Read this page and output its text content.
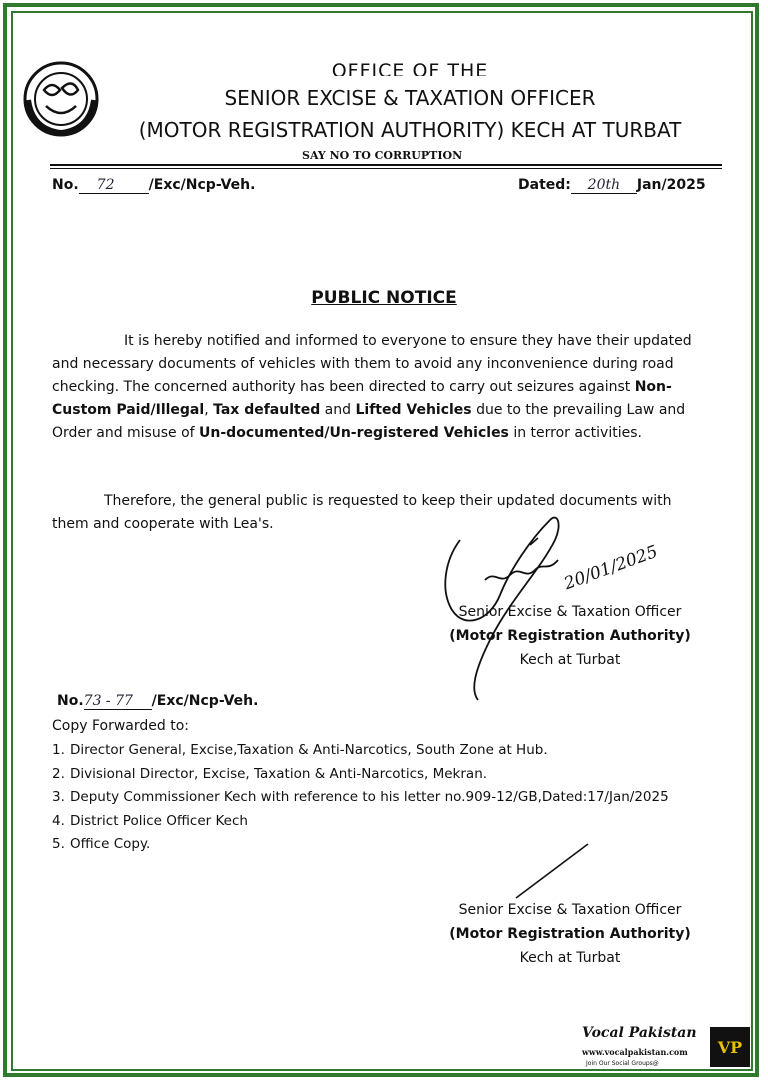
OFFICE OF THE
SENIOR EXCISE & TAXATION OFFICER
(MOTOR REGISTRATION AUTHORITY) KECH AT TURBAT
SAY NO TO CORRUPTION
No. 72 /Exc/Ncp-Veh.	Dated: 20th Jan/2025
PUBLIC NOTICE
It is hereby notified and informed to everyone to ensure they have their updated and necessary documents of vehicles with them to avoid any inconvenience during road checking. The concerned authority has been directed to carry out seizures against Non-Custom Paid/Illegal, Tax defaulted and Lifted Vehicles due to the prevailing Law and Order and misuse of Un-documented/Un-registered Vehicles in terror activities.
Therefore, the general public is requested to keep their updated documents with them and cooperate with Lea's.
20/01/2025
Senior Excise & Taxation Officer
(Motor Registration Authority)
Kech at Turbat
No.73 - 77 /Exc/Ncp-Veh.
Copy Forwarded to:
1. Director General, Excise,Taxation & Anti-Narcotics, South Zone at Hub.
2. Divisional Director, Excise, Taxation & Anti-Narcotics, Mekran.
3. Deputy Commissioner Kech with reference to his letter no.909-12/GB,Dated:17/Jan/2025
4. District Police Officer Kech
5. Office Copy.
Senior Excise & Taxation Officer
(Motor Registration Authority)
Kech at Turbat
Vocal Pakistan
www.vocalpakistan.com
Join Our Social Groups@
VP
